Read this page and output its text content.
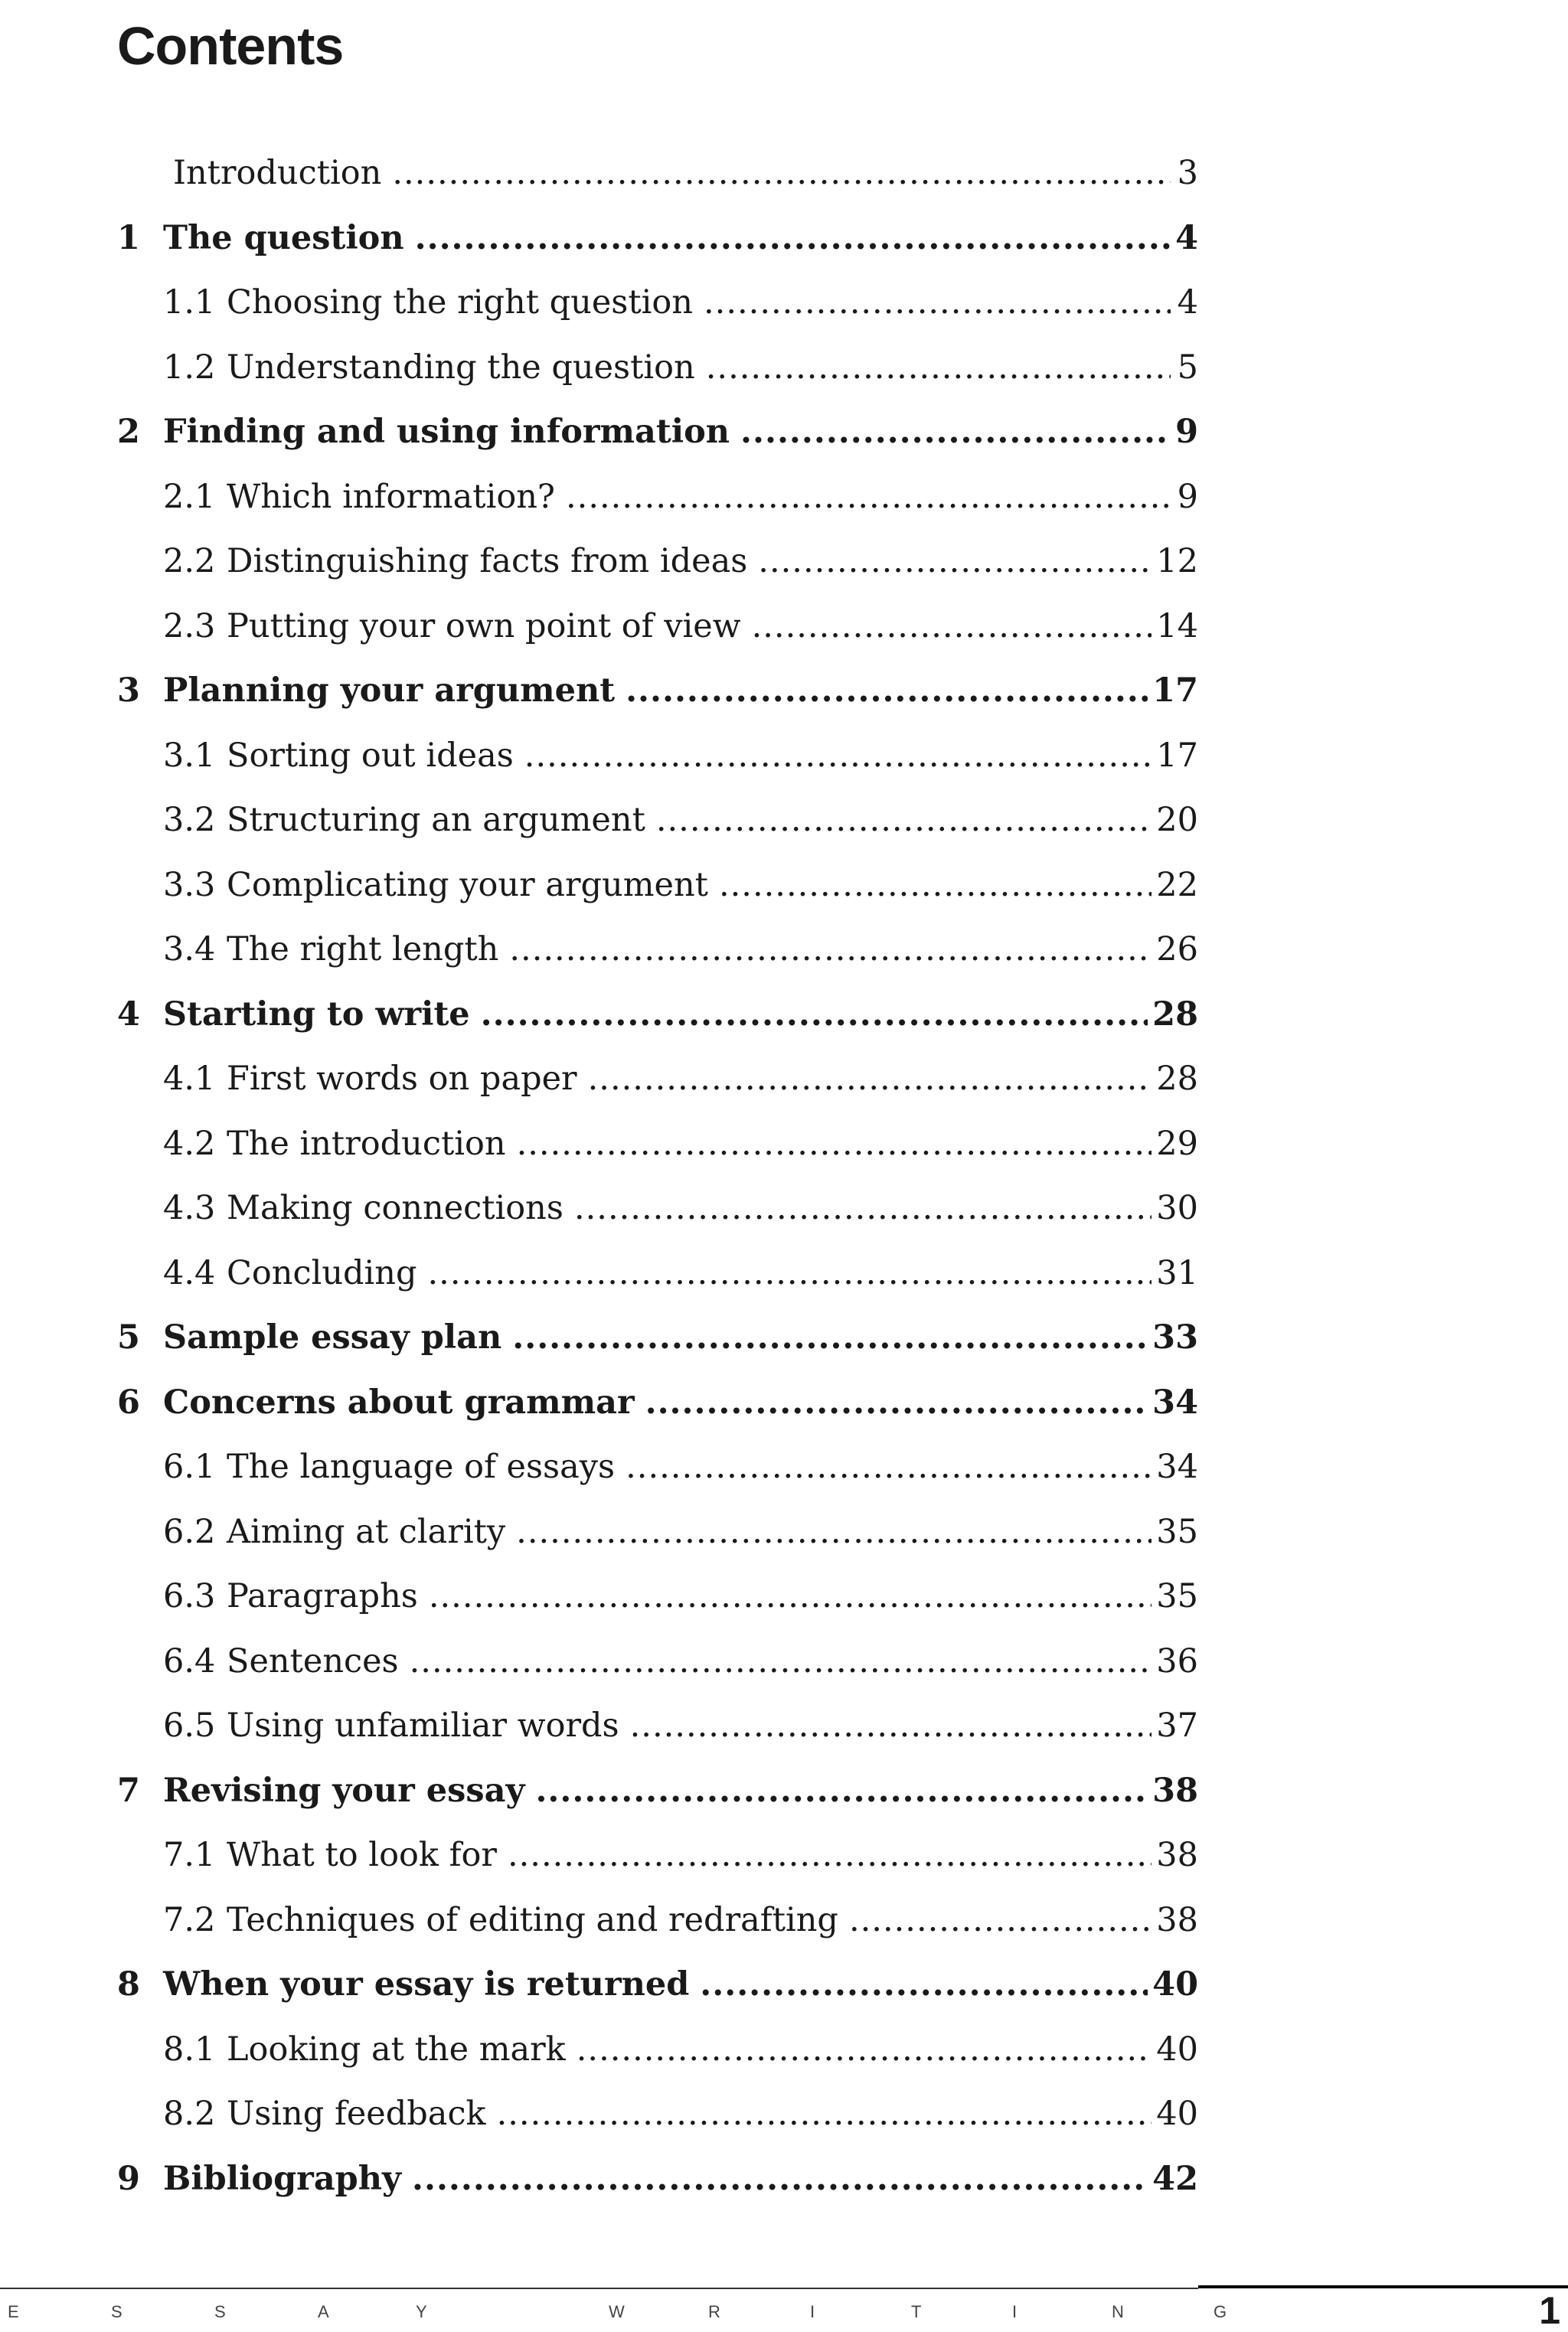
Contents
Introduction .....	3
1 The question .....	4
1.1 Choosing the right question .....	4
1.2 Understanding the question .....	5
2 Finding and using information .....	9
2.1 Which information? .....	9
2.2 Distinguishing facts from ideas .....	12
2.3 Putting your own point of view .....	14
3 Planning your argument .....	17
3.1 Sorting out ideas .....	17
3.2 Structuring an argument .....	20
3.3 Complicating your argument .....	22
3.4 The right length .....	26
4 Starting to write .....	28
4.1 First words on paper .....	28
4.2 The introduction .....	29
4.3 Making connections .....	30
4.4 Concluding .....	31
5 Sample essay plan .....	33
6 Concerns about grammar .....	34
6.1 The language of essays .....	34
6.2 Aiming at clarity .....	35
6.3 Paragraphs .....	35
6.4 Sentences .....	36
6.5 Using unfamiliar words .....	37
7 Revising your essay .....	38
7.1 What to look for .....	38
7.2 Techniques of editing and redrafting .....	38
8 When your essay is returned .....	40
8.1 Looking at the mark .....	40
8.2 Using feedback .....	40
9 Bibliography .....	42
E	S	S	A	Y	W	R	I	T	I	N	G	1
